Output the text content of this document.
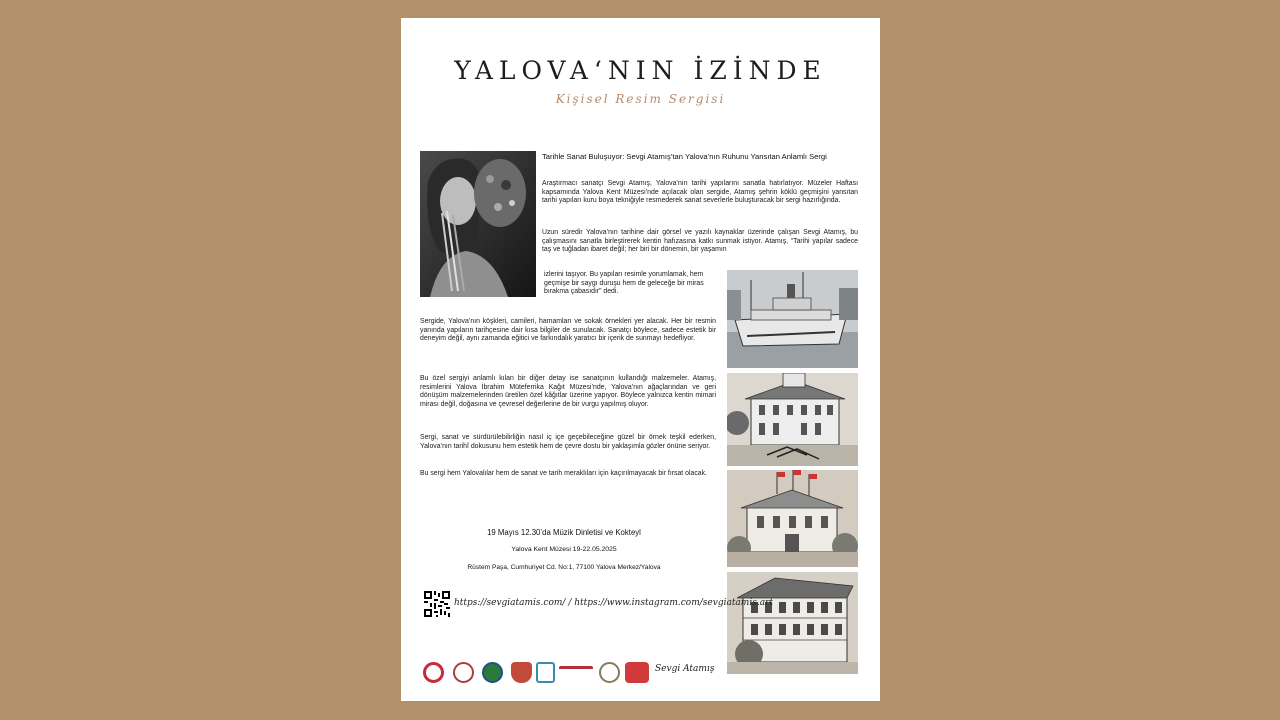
YALOVA‘NIN İZİNDE
Kişisel Resim Sergisi
Tarihle Sanat Buluşuyor: Sevgi Atamış’tan Yalova’nın Ruhunu Yansıtan Anlamlı Sergi

Araştırmacı sanatçı Sevgi Atamış, Yalova’nın tarihi yapılarını sanatla hatırlatıyor. Müzeler Haftası kapsamında Yalova Kent Müzesi’nde açılacak olan sergide, Atamış şehrin köklü geçmişini yansıtan tarihi yapıları kuru boya tekniğiyle resmederek sanat severlerle buluşturacak bir sergi hazırlığında.

Uzun süredir Yalova’nın tarihine dair görsel ve yazılı kaynaklar üzerinde çalışan Sevgi Atamış, bu çalışmasını sanatla birleştirerek kentin hafızasına katkı sunmak istiyor. Atamış, “Tarihi yapılar sadece taş ve tuğladan ibaret değil; her biri bir dönemin, bir yaşamın

izlerini taşıyor. Bu yapıları resimle yorumlamak, hem geçmişe bir saygı duruşu hem de geleceğe bir miras bırakma çabasıdır” dedi.

Sergide, Yalova’nın köşkleri, camileri, hamamları ve sokak örnekleri yer alacak. Her bir resmin yanında yapıların tarihçesine dair kısa bilgiler de sunulacak. Sanatçı böylece, sadece estetik bir deneyim değil, aynı zamanda eğitici ve farkındalık yaratıcı bir içerik de sunmayı hedefliyor.

Bu özel sergiyi anlamlı kılan bir diğer detay ise sanatçının kullandığı malzemeler. Atamış, resimlerini Yalova İbrahim Müteferrika Kağıt Müzesi’nde, Yalova’nın ağaçlarından ve geri dönüşüm malzemelerinden üretilen özel kâğıtlar üzerine yapıyor. Böylece yalnızca kentin mimari mirası değil, doğasına ve çevresel değerlerine de bir vurgu yapılmış oluyor.

Sergi, sanat ve sürdürülebilirliğin nasıl iç içe geçebileceğine güzel bir örnek teşkil ederken, Yalova’nın tarihî dokusunu hem estetik hem de çevre dostu bir yaklaşımla gözler önüne seriyor.

Bu sergi hem Yalovalılar hem de sanat ve tarih meraklıları için kaçırılmayacak bir fırsat olacak.

19 Mayıs 12.30’da Müzik Dinletisi ve Kokteyl
Yalova Kent Müzesi 19-22.05.2025
Rüstem Paşa, Cumhuriyet Cd. No:1, 77100 Yalova Merkez/Yalova
https://sevgiatamis.com/ / https://www.instagram.com/sevgiatamis.art
Sevgi Atamış
